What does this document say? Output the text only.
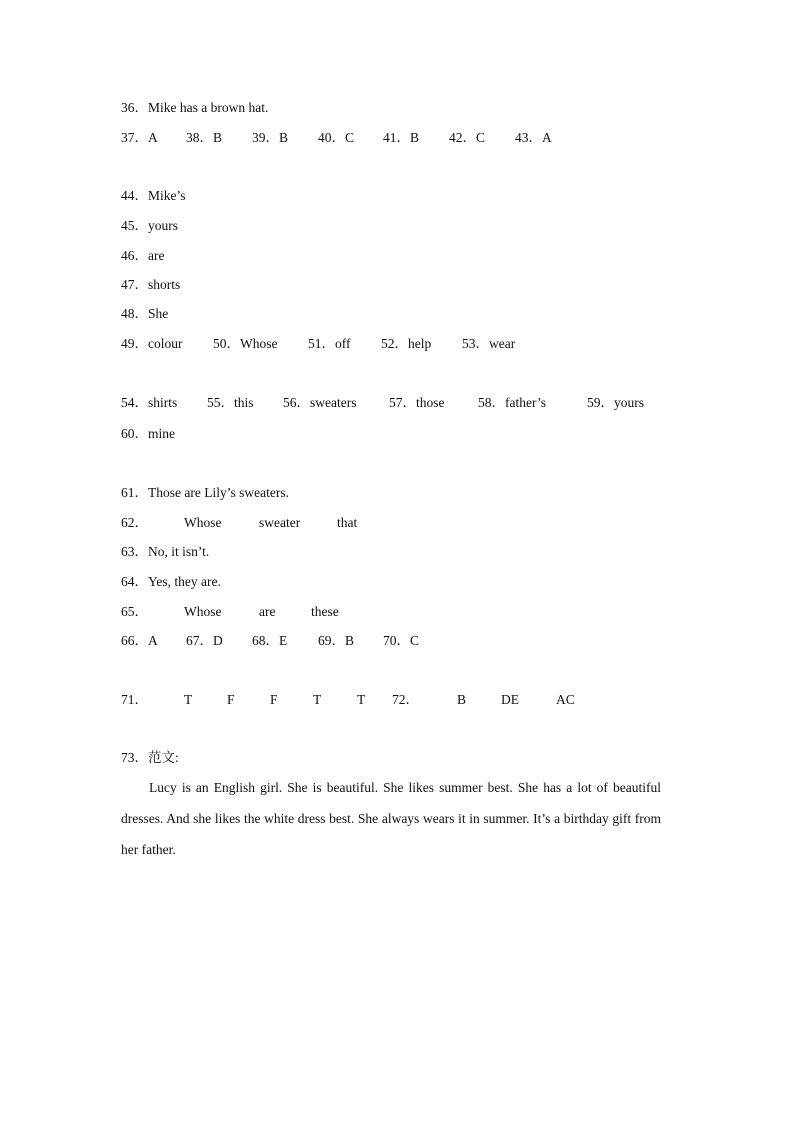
36．Mike has a brown hat.
37．A 38．B 39．B 40．C 41．B 42．C 43．A
44．Mike’s
45．yours
46．are
47．shorts
48．She
49．colour 50．Whose 51．off 52．help 53．wear
54．shirts 55．this 56．sweaters 57．those 58．father’s	59．yours
60．mine
61．Those are Lily’s sweaters.
62．	Whose	sweater	that
63．No, it isn’t.
64．Yes, they are.
65．	Whose	are	these
66．A 67．D 68．E 69．B 70．C
71．	T	F	F	T	T 72．	B	DE	AC
73．范文:
Lucy is an English girl. She is beautiful. She likes summer best. She has a lot of beautiful dresses. And she likes the white dress best. She always wears it in summer. It’s a birthday gift from her father.
